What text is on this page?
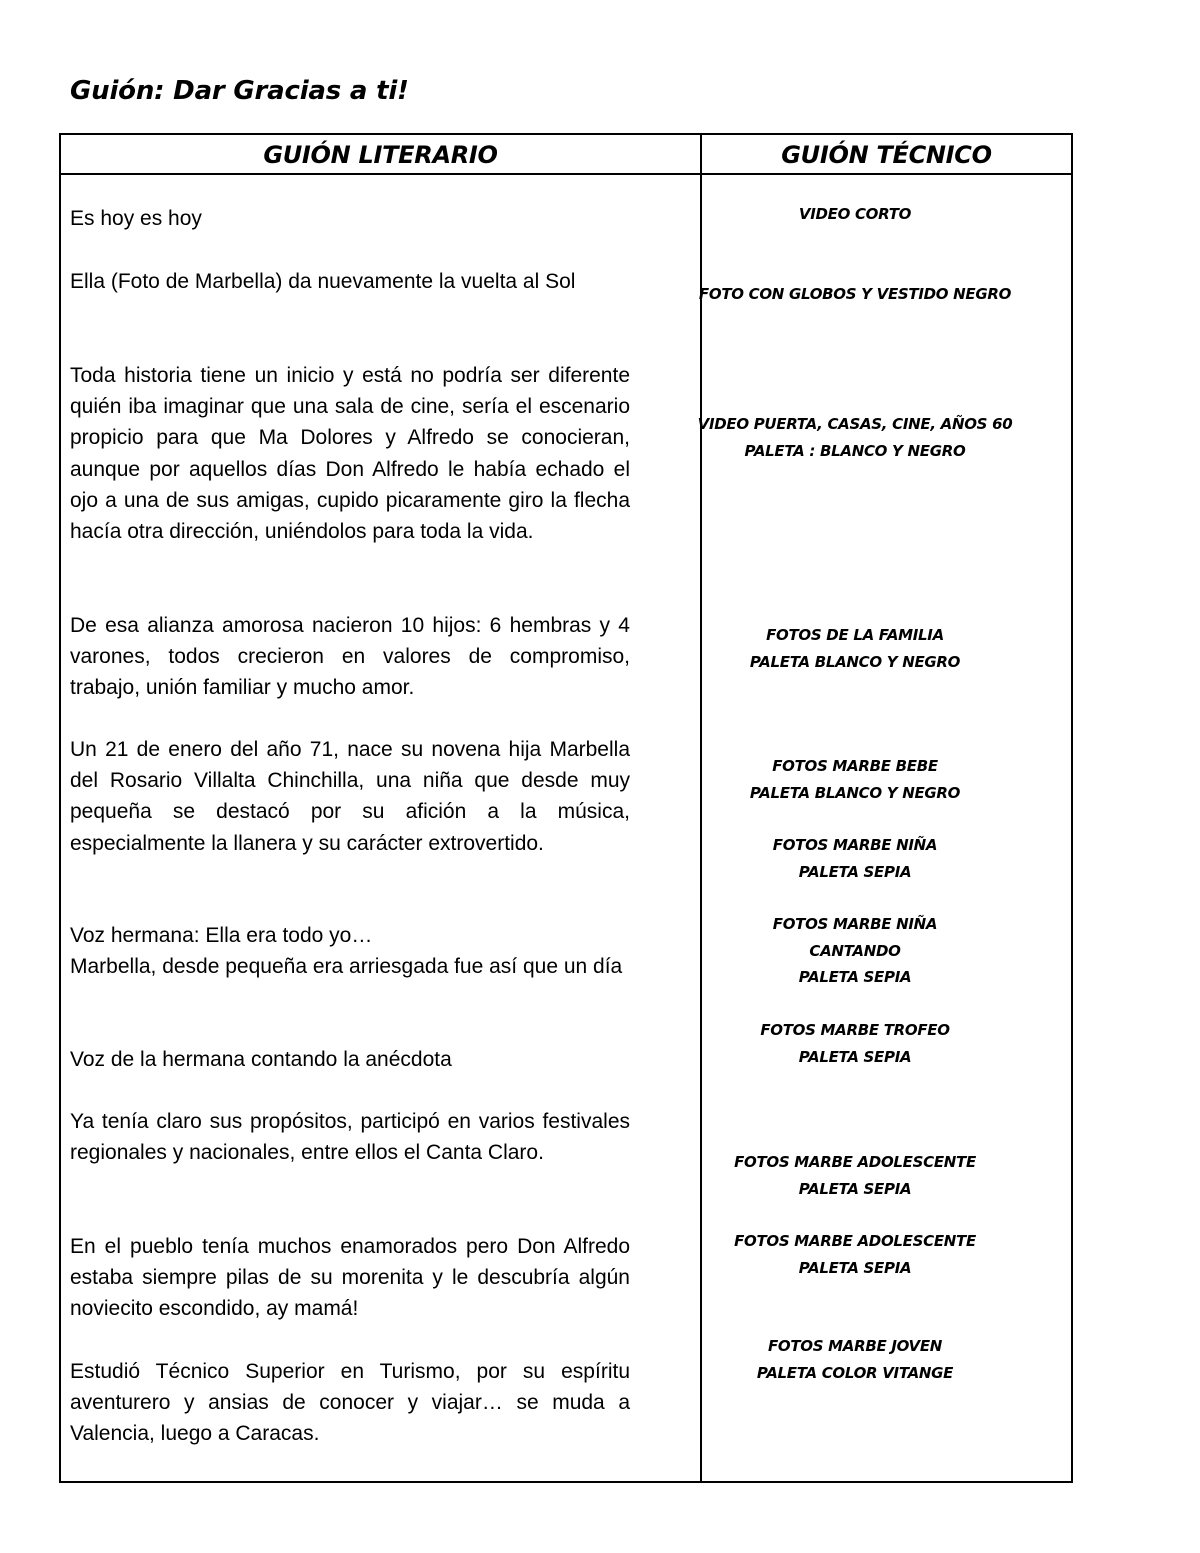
Guión: Dar Gracias a ti!
GUIÓN LITERARIO	GUIÓN TÉCNICO

Es hoy es hoy

Ella (Foto de Marbella) da nuevamente la vuelta al Sol

Toda historia tiene un inicio y está no podría ser diferente quién iba imaginar que una sala de cine, sería el escenario propicio para que Ma Dolores y Alfredo se conocieran, aunque por aquellos días Don Alfredo le había echado el ojo a una de sus amigas, cupido picaramente giro la flecha hacía otra dirección, uniéndolos para toda la vida.

De esa alianza amorosa nacieron 10 hijos: 6 hembras y 4 varones, todos crecieron en valores de compromiso, trabajo, unión familiar y mucho amor.

Un 21 de enero del año 71, nace su novena hija Marbella del Rosario Villalta Chinchilla, una niña que desde muy pequeña se destacó por su afición a la música, especialmente la llanera y su carácter extrovertido.

Voz hermana: Ella era todo yo…

Marbella, desde pequeña era arriesgada fue así que un día

Voz de la hermana contando la anécdota

Ya tenía claro sus propósitos, participó en varios festivales regionales y nacionales, entre ellos el Canta Claro.

En el pueblo tenía muchos enamorados pero Don Alfredo estaba siempre pilas de su morenita y le descubría algún noviecito escondido, ay mamá!

Estudió Técnico Superior en Turismo, por su espíritu aventurero y ansias de conocer y viajar… se muda a Valencia, luego a Caracas.

VIDEO CORTO
FOTO CON GLOBOS Y VESTIDO NEGRO
VIDEO PUERTA, CASAS, CINE, AÑOS 60
PALETA : BLANCO Y NEGRO
FOTOS DE LA FAMILIA
PALETA BLANCO Y NEGRO
FOTOS MARBE BEBE
PALETA BLANCO Y NEGRO
FOTOS MARBE NIÑA
PALETA SEPIA
FOTOS MARBE NIÑA
CANTANDO
PALETA SEPIA
FOTOS MARBE TROFEO
PALETA SEPIA
FOTOS MARBE ADOLESCENTE
PALETA SEPIA
FOTOS MARBE ADOLESCENTE
PALETA SEPIA
FOTOS MARBE JOVEN
PALETA COLOR VITANGE
